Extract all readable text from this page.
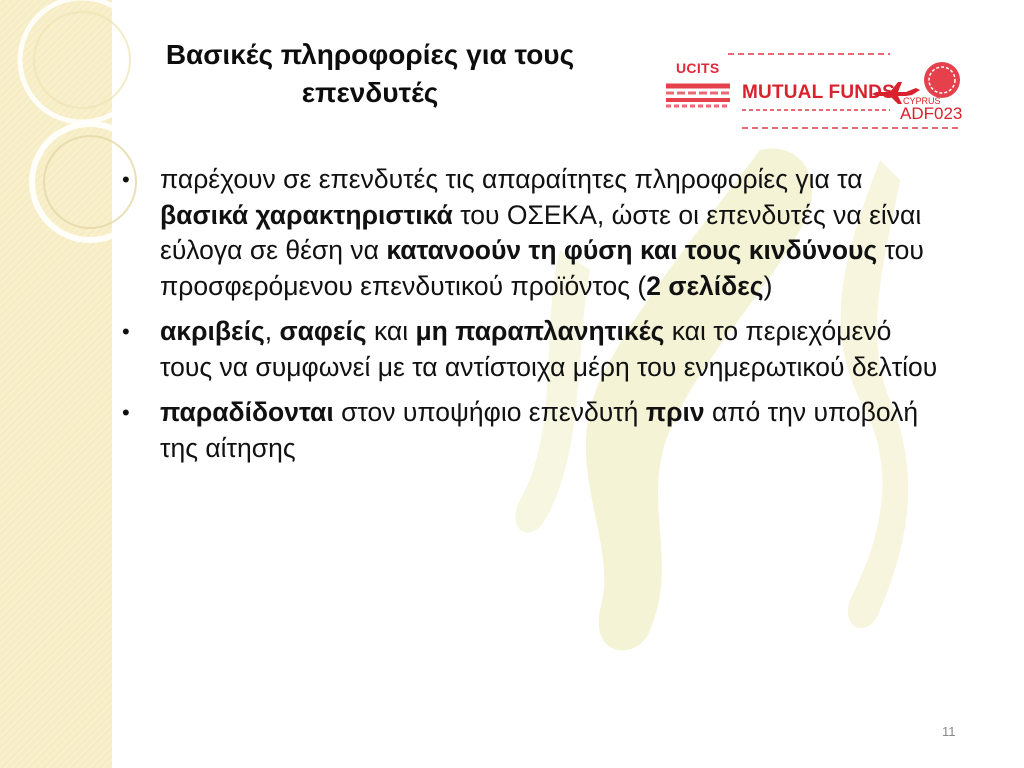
Βασικές πληροφορίες για τους
επενδυτές
UCITS
MUTUAL FUNDS CYPRUS
ADF023
• παρέχουν σε επενδυτές τις απαραίτητες πληροφορίες για τα βασικά χαρακτηριστικά του ΟΣΕΚΑ, ώστε οι επενδυτές να είναι εύλογα σε θέση να κατανοούν τη φύση και τους κινδύνους του προσφερόμενου επενδυτικού προϊόντος (2 σελίδες)
• ακριβείς, σαφείς και μη παραπλανητικές και το περιεχόμενό τους να συμφωνεί με τα αντίστοιχα μέρη του ενημερωτικού δελτίου
• παραδίδονται στον υποψήφιο επενδυτή πριν από την υποβολή της αίτησης
11
